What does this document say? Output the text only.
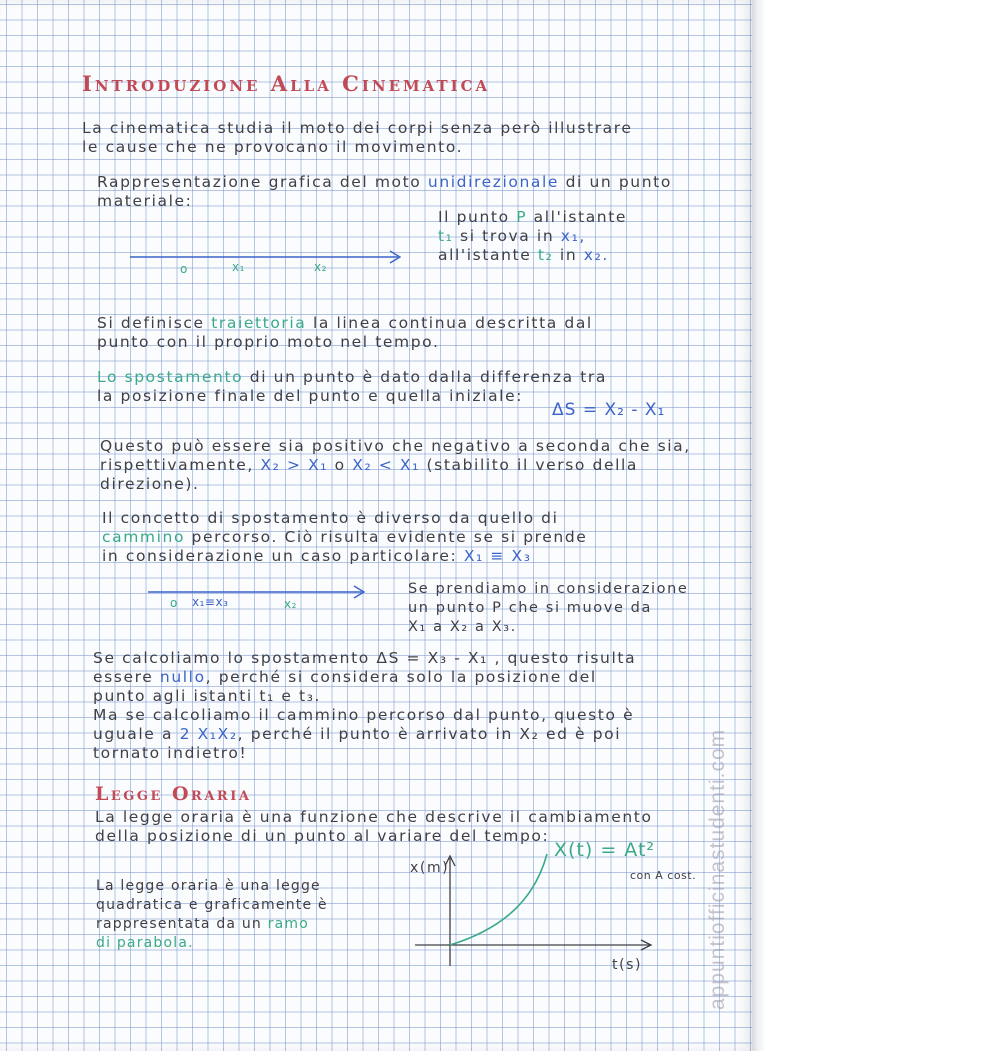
Introduzione Alla Cinematica

La cinematica studia il moto dei corpi senza però illustrare

le cause che ne provocano il movimento.

Rappresentazione grafica del moto unidirezionale di un punto

materiale:

o	x₁	x₂

Il punto P all'istante

t₁ si trova in x₁,

all'istante t₂ in x₂.

Si definisce traiettoria la linea continua descritta dal

punto con il proprio moto nel tempo.

Lo spostamento di un punto è dato dalla differenza tra

la posizione finale del punto e quella iniziale:

ΔS = X₂ - X₁

Questo può essere sia positivo che negativo a seconda che sia,

rispettivamente, X₂ > X₁ o X₂ < X₁ (stabilito il verso della

direzione).

Il concetto di spostamento è diverso da quello di

cammino percorso. Ciò risulta evidente se si prende

in considerazione un caso particolare: X₁ ≡ X₃

o x₁≡x₃	x₂

Se prendiamo in considerazione

un punto P che si muove da

X₁ a X₂ a X₃.

Se calcoliamo lo spostamento ΔS = X₃ - X₁ , questo risulta

essere nullo, perché si considera solo la posizione del

punto agli istanti t₁ e t₃.

Ma se calcoliamo il cammino percorso dal punto, questo è

uguale a 2 X₁X₂, perché il punto è arrivato in X₂ ed è poi

tornato indietro!

Legge Oraria

La legge oraria è una funzione che descrive il cambiamento

della posizione di un punto al variare del tempo:

La legge oraria è una legge

quadratica e graficamente è

rappresentata da un ramo

di parabola.

x(m)
t(s)
X(t) = At²
con A cost. appuntiofficinastudenti.com
